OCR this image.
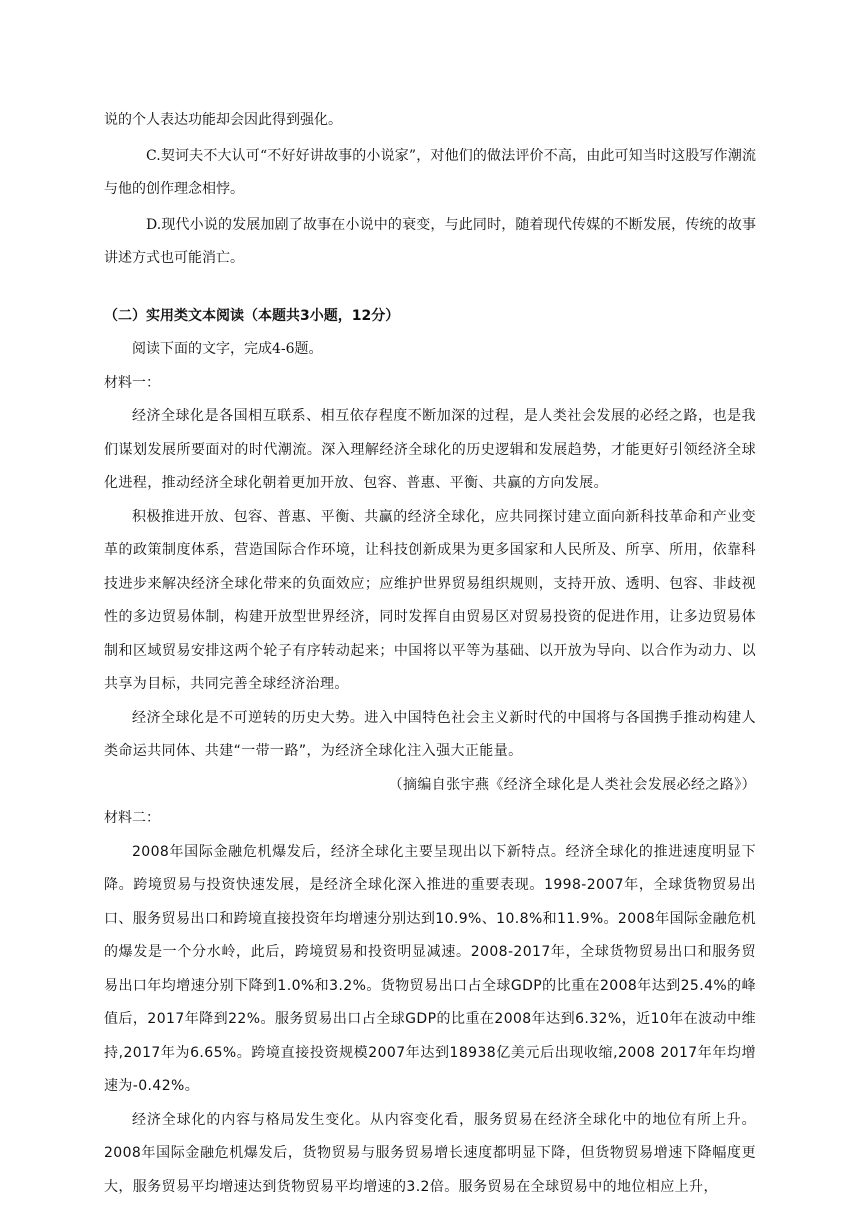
说的个人表达功能却会因此得到强化。

C.契诃夫不大认可“不好好讲故事的小说家”，对他们的做法评价不高，由此可知当时这股写作潮流与他的创作理念相悖。

D.现代小说的发展加剧了故事在小说中的衰变，与此同时，随着现代传媒的不断发展，传统的故事讲述方式也可能消亡。

（二）实用类文本阅读（本题共3小题，12分）

阅读下面的文字，完成4-6题。

材料一：

经济全球化是各国相互联系、相互依存程度不断加深的过程，是人类社会发展的必经之路，也是我们谋划发展所要面对的时代潮流。深入理解经济全球化的历史逻辑和发展趋势，才能更好引领经济全球化进程，推动经济全球化朝着更加开放、包容、普惠、平衡、共赢的方向发展。

积极推进开放、包容、普惠、平衡、共赢的经济全球化，应共同探讨建立面向新科技革命和产业变革的政策制度体系，营造国际合作环境，让科技创新成果为更多国家和人民所及、所享、所用，依靠科技进步来解决经济全球化带来的负面效应；应维护世界贸易组织规则，支持开放、透明、包容、非歧视性的多边贸易体制，构建开放型世界经济，同时发挥自由贸易区对贸易投资的促进作用，让多边贸易体制和区域贸易安排这两个轮子有序转动起来；中国将以平等为基础、以开放为导向、以合作为动力、以共享为目标，共同完善全球经济治理。

经济全球化是不可逆转的历史大势。进入中国特色社会主义新时代的中国将与各国携手推动构建人类命运共同体、共建“一带一路”，为经济全球化注入强大正能量。

（摘编自张宇燕《经济全球化是人类社会发展必经之路》）

材料二：

2008年国际金融危机爆发后，经济全球化主要呈现出以下新特点。经济全球化的推进速度明显下降。跨境贸易与投资快速发展，是经济全球化深入推进的重要表现。1998-2007年，全球货物贸易出口、服务贸易出口和跨境直接投资年均增速分别达到10.9%、10.8%和11.9%。2008年国际金融危机的爆发是一个分水岭，此后，跨境贸易和投资明显减速。2008-2017年，全球货物贸易出口和服务贸易出口年均增速分别下降到1.0%和3.2%。货物贸易出口占全球GDP的比重在2008年达到25.4%的峰值后，2017年降到22%。服务贸易出口占全球GDP的比重在2008年达到6.32%，近10年在波动中维持,2017年为6.65%。跨境直接投资规模2007年达到18938亿美元后出现收缩,2008 2017年年均增速为-0.42%。

经济全球化的内容与格局发生变化。从内容变化看，服务贸易在经济全球化中的地位有所上升。2008年国际金融危机爆发后，货物贸易与服务贸易增长速度都明显下降，但货物贸易增速下降幅度更大，服务贸易平均增速达到货物贸易平均增速的3.2倍。服务贸易在全球贸易中的地位相应上升，
